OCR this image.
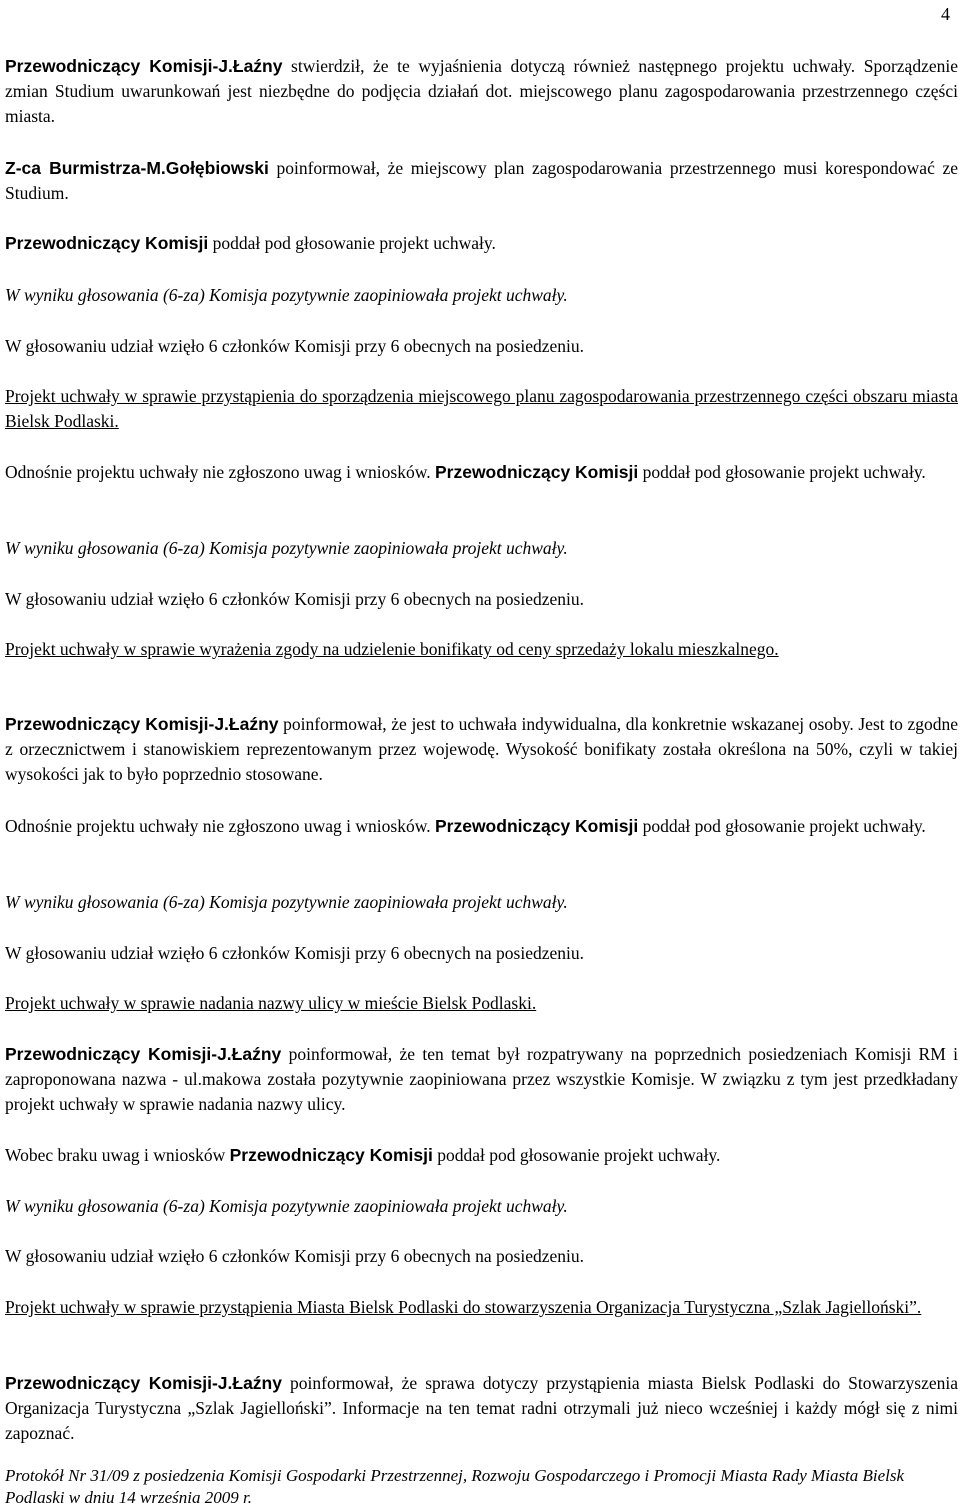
4

Przewodniczący Komisji-J.Łaźny stwierdził, że te wyjaśnienia dotyczą również następnego projektu uchwały. Sporządzenie zmian Studium uwarunkowań jest niezbędne do podjęcia działań dot. miejscowego planu zagospodarowania przestrzennego części miasta.

Z-ca Burmistrza-M.Gołębiowski poinformował, że miejscowy plan zagospodarowania przestrzennego musi korespondować ze Studium.

Przewodniczący Komisji poddał pod głosowanie projekt uchwały.

W wyniku głosowania (6-za) Komisja pozytywnie zaopiniowała projekt uchwały.

W głosowaniu udział wzięło 6 członków Komisji przy 6 obecnych na posiedzeniu.

Projekt uchwały w sprawie przystąpienia do sporządzenia miejscowego planu zagospodarowania przestrzennego części obszaru miasta Bielsk Podlaski.

Odnośnie projektu uchwały nie zgłoszono uwag i wniosków. Przewodniczący Komisji poddał pod głosowanie projekt uchwały.

W wyniku głosowania (6-za) Komisja pozytywnie zaopiniowała projekt uchwały.

W głosowaniu udział wzięło 6 członków Komisji przy 6 obecnych na posiedzeniu.

Projekt uchwały w sprawie wyrażenia zgody na udzielenie bonifikaty od ceny sprzedaży lokalu mieszkalnego.

Przewodniczący Komisji-J.Łaźny poinformował, że jest to uchwała indywidualna, dla konkretnie wskazanej osoby. Jest to zgodne z orzecznictwem i stanowiskiem reprezentowanym przez wojewodę. Wysokość bonifikaty została określona na 50%, czyli w takiej wysokości jak to było poprzednio stosowane.

Odnośnie projektu uchwały nie zgłoszono uwag i wniosków. Przewodniczący Komisji poddał pod głosowanie projekt uchwały.

W wyniku głosowania (6-za) Komisja pozytywnie zaopiniowała projekt uchwały.

W głosowaniu udział wzięło 6 członków Komisji przy 6 obecnych na posiedzeniu.

Projekt uchwały w sprawie nadania nazwy ulicy w mieście Bielsk Podlaski.

Przewodniczący Komisji-J.Łaźny poinformował, że ten temat był rozpatrywany na poprzednich posiedzeniach Komisji RM i zaproponowana nazwa - ul.makowa została pozytywnie zaopiniowana przez wszystkie Komisje. W związku z tym jest przedkładany projekt uchwały w sprawie nadania nazwy ulicy.

Wobec braku uwag i wniosków Przewodniczący Komisji poddał pod głosowanie projekt uchwały.

W wyniku głosowania (6-za) Komisja pozytywnie zaopiniowała projekt uchwały.

W głosowaniu udział wzięło 6 członków Komisji przy 6 obecnych na posiedzeniu.

Projekt uchwały w sprawie przystąpienia Miasta Bielsk Podlaski do stowarzyszenia Organizacja Turystyczna „Szlak Jagielloński”.

Przewodniczący Komisji-J.Łaźny poinformował, że sprawa dotyczy przystąpienia miasta Bielsk Podlaski do Stowarzyszenia Organizacja Turystyczna „Szlak Jagielloński”. Informacje na ten temat radni otrzymali już nieco wcześniej i każdy mógł się z nimi zapoznać.

Protokół Nr 31/09 z posiedzenia Komisji Gospodarki Przestrzennej, Rozwoju Gospodarczego i Promocji Miasta Rady Miasta Bielsk Podlaski w dniu 14 września 2009 r.
